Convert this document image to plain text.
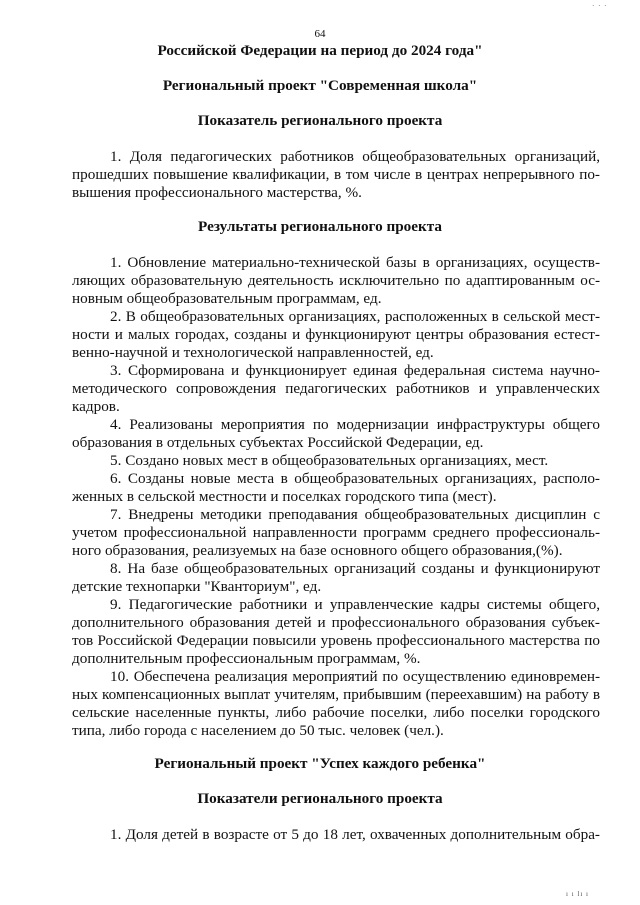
· · ·
64
Российской Федерации на период до 2024 года"
Региональный проект "Современная школа"
Показатель регионального проекта
1. Доля педагогических работников общеобразовательных организаций,
прошедших повышение квалификации, в том числе в центрах непрерывного по-
вышения профессионального мастерства, %.
Результаты регионального проекта
1. Обновление материально-технической базы в организациях, осуществ-
ляющих образовательную деятельность исключительно по адаптированным ос-
новным общеобразовательным программам, ед.
2. В общеобразовательных организациях, расположенных в сельской мест-
ности и малых городах, созданы и функционируют центры образования естест-
венно-научной и технологической направленностей, ед.
3. Сформирована и функционирует единая федеральная система научно-
методического сопровождения педагогических работников и управленческих
кадров.
4. Реализованы мероприятия по модернизации инфраструктуры общего
образования в отдельных субъектах Российской Федерации, ед.
5. Создано новых мест в общеобразовательных организациях, мест.
6. Созданы новые места в общеобразовательных организациях, располо-
женных в сельской местности и поселках городского типа (мест).
7. Внедрены методики преподавания общеобразовательных дисциплин с
учетом профессиональной направленности программ среднего профессиональ-
ного образования, реализуемых на базе основного общего образования,(%).
8. На базе общеобразовательных организаций созданы и функционируют
детские технопарки "Кванториум", ед.
9. Педагогические работники и управленческие кадры системы общего,
дополнительного образования детей и профессионального образования субъек-
тов Российской Федерации повысили уровень профессионального мастерства по
дополнительным профессиональным программам, %.
10. Обеспечена реализация мероприятий по осуществлению единовремен-
ных компенсационных выплат учителям, прибывшим (переехавшим) на работу в
сельские населенные пункты, либо рабочие поселки, либо поселки городского
типа, либо города с населением до 50 тыс. человек (чел.).
Региональный проект "Успех каждого ребенка"
Показатели регионального проекта
1. Доля детей в возрасте от 5 до 18 лет, охваченных дополнительным обра-
ı ı lı ı
